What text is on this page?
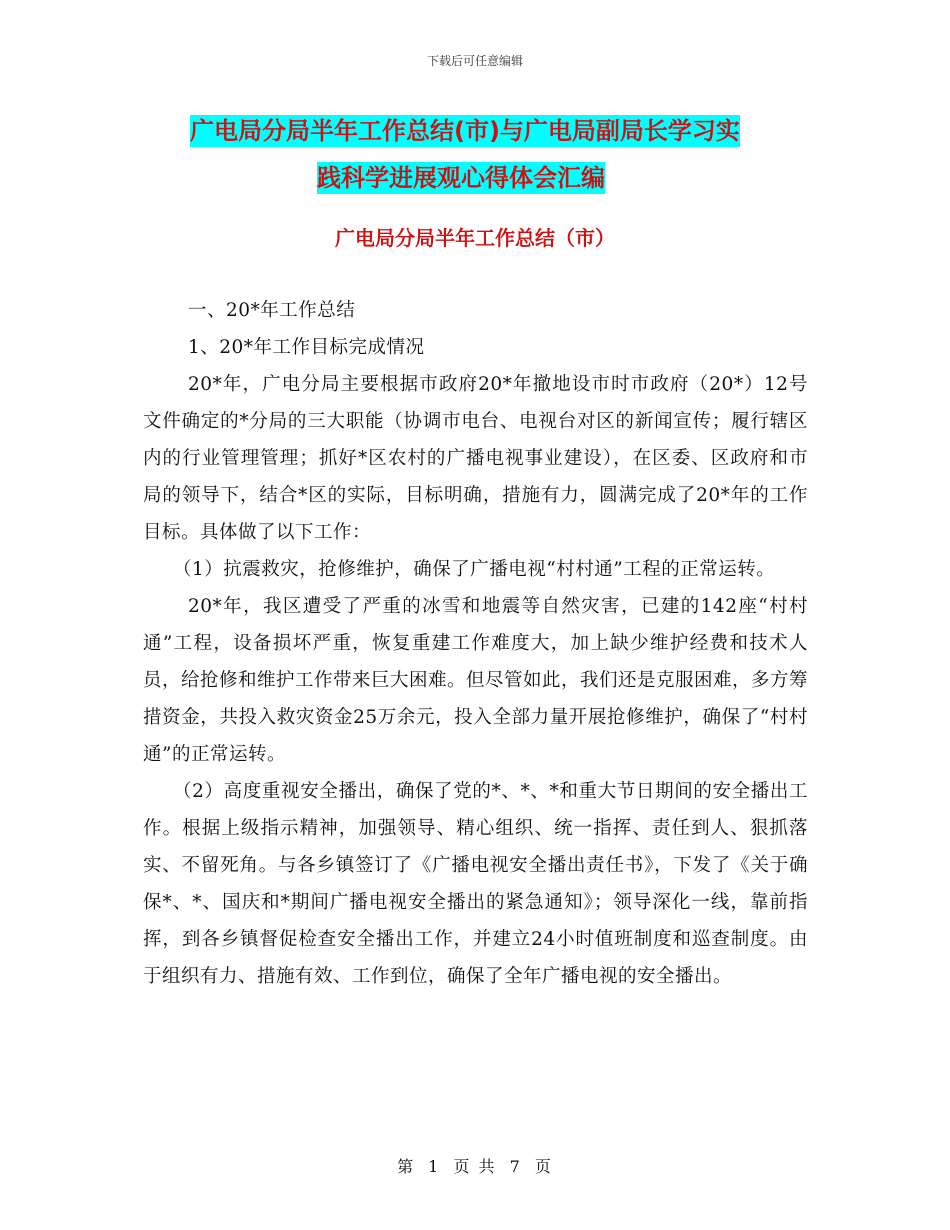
下载后可任意编辑
广电局分局半年工作总结(市)与广电局副局长学习实
践科学进展观心得体会汇编
广电局分局半年工作总结（市）

一、20*年工作总结

1、20*年工作目标完成情况

20*年，广电分局主要根据市政府20*年撤地设市时市政府（20*）12号文件确定的*分局的三大职能（协调市电台、电视台对区的新闻宣传；履行辖区内的行业管理管理；抓好*区农村的广播电视事业建设），在区委、区政府和市局的领导下，结合*区的实际，目标明确，措施有力，圆满完成了20*年的工作目标。具体做了以下工作：

（1）抗震救灾，抢修维护，确保了广播电视“村村通”工程的正常运转。

20*年，我区遭受了严重的冰雪和地震等自然灾害，已建的142座“村村通”工程，设备损坏严重，恢复重建工作难度大，加上缺少维护经费和技术人员，给抢修和维护工作带来巨大困难。但尽管如此，我们还是克服困难，多方筹措资金，共投入救灾资金25万余元，投入全部力量开展抢修维护，确保了“村村通”的正常运转。

（2）高度重视安全播出，确保了党的*、*、*和重大节日期间的安全播出工作。根据上级指示精神，加强领导、精心组织、统一指挥、责任到人、狠抓落实、不留死角。与各乡镇签订了《广播电视安全播出责任书》，下发了《关于确保*、*、国庆和*期间广播电视安全播出的紧急通知》；领导深化一线，靠前指挥，到各乡镇督促检查安全播出工作，并建立24小时值班制度和巡查制度。由于组织有力、措施有效、工作到位，确保了全年广播电视的安全播出。

第 1 页 共 7 页
